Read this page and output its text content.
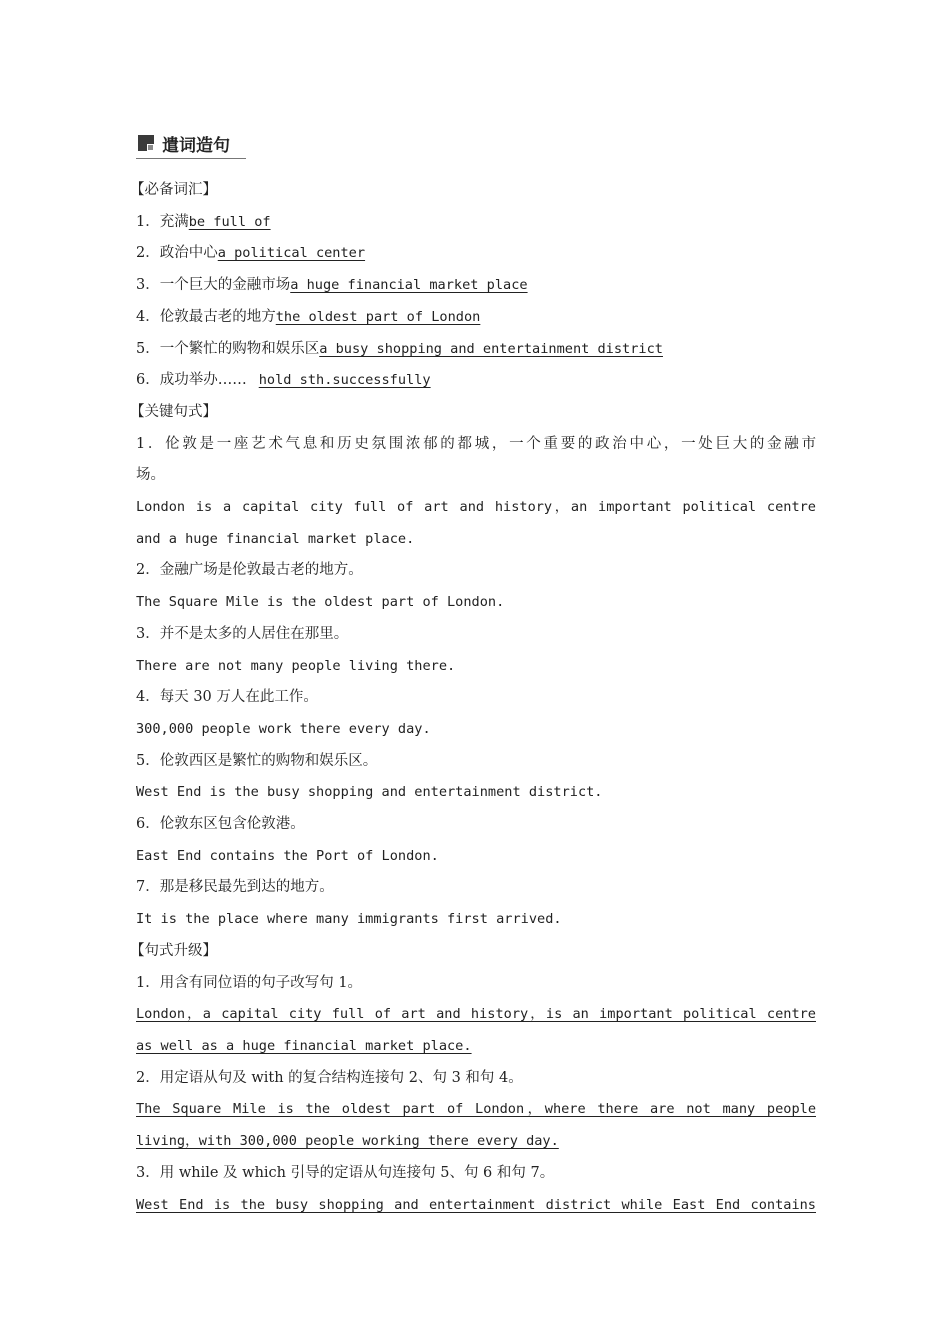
遣词造句
【必备词汇】
1．充满be full of
2．政治中心a political center
3．一个巨大的金融市场a huge financial market place
4．伦敦最古老的地方the oldest part of London
5．一个繁忙的购物和娱乐区a busy shopping and entertainment district
6．成功举办…… hold sth.successfully
【关键句式】
1．伦敦是一座艺术气息和历史氛围浓郁的都城，一个重要的政治中心，一处巨大的金融市
场。
London is a capital city full of art and history，an important political centre
and a huge financial market place.
2．金融广场是伦敦最古老的地方。
The Square Mile is the oldest part of London.
3．并不是太多的人居住在那里。
There are not many people living there.
4．每天 30 万人在此工作。
300,000 people work there every day.
5．伦敦西区是繁忙的购物和娱乐区。
West End is the busy shopping and entertainment district.
6．伦敦东区包含伦敦港。
East End contains the Port of London.
7．那是移民最先到达的地方。
It is the place where many immigrants first arrived.
【句式升级】
1．用含有同位语的句子改写句 1。
London，a capital city full of art and history，is an important political centre
as well as a huge financial market place.
2．用定语从句及 with 的复合结构连接句 2、句 3 和句 4。
The Square Mile is the oldest part of London，where there are not many people
living，with 300,000 people working there every day.
3．用 while 及 which 引导的定语从句连接句 5、句 6 和句 7。
West End is the busy shopping and entertainment district while East End contains
